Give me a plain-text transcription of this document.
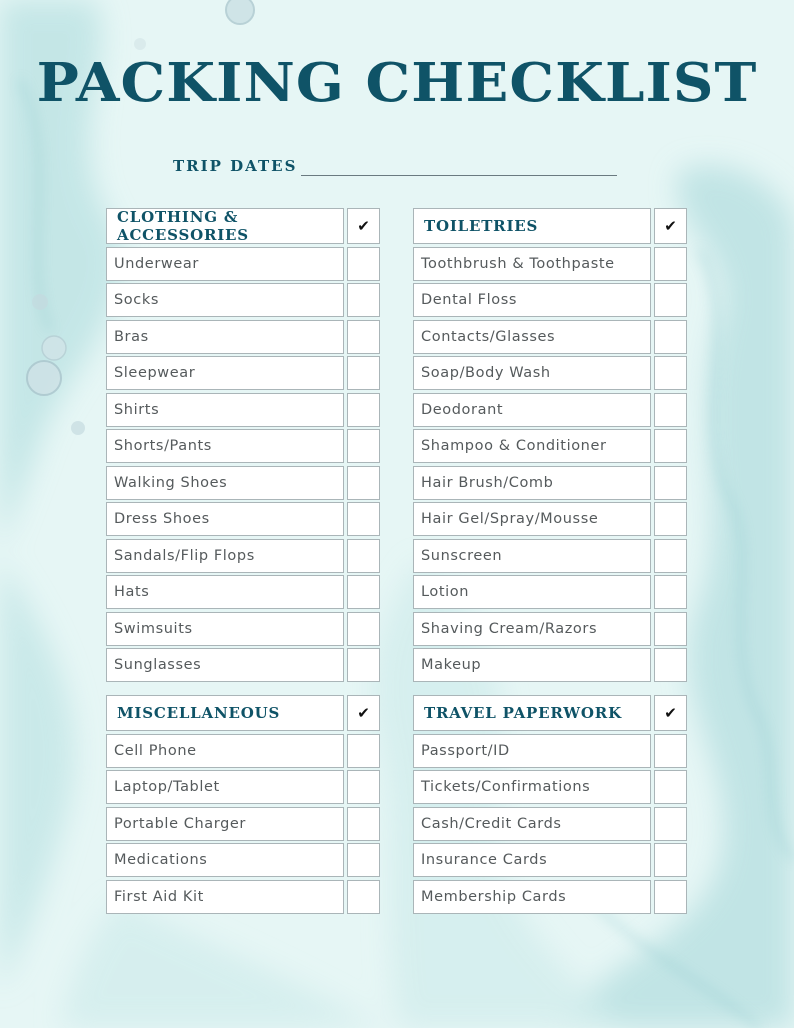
PACKING CHECKLIST
TRIP DATES
CLOTHING & ACCESSORIES	✔
Underwear
Socks
Bras
Sleepwear
Shirts
Shorts/Pants
Walking Shoes
Dress Shoes
Sandals/Flip Flops
Hats
Swimsuits
Sunglasses
TOILETRIES	✔
Toothbrush & Toothpaste
Dental Floss
Contacts/Glasses
Soap/Body Wash
Deodorant
Shampoo & Conditioner
Hair Brush/Comb
Hair Gel/Spray/Mousse
Sunscreen
Lotion
Shaving Cream/Razors
Makeup
MISCELLANEOUS	✔
Cell Phone
Laptop/Tablet
Portable Charger
Medications
First Aid Kit
TRAVEL PAPERWORK	✔
Passport/ID
Tickets/Confirmations
Cash/Credit Cards
Insurance Cards
Membership Cards
